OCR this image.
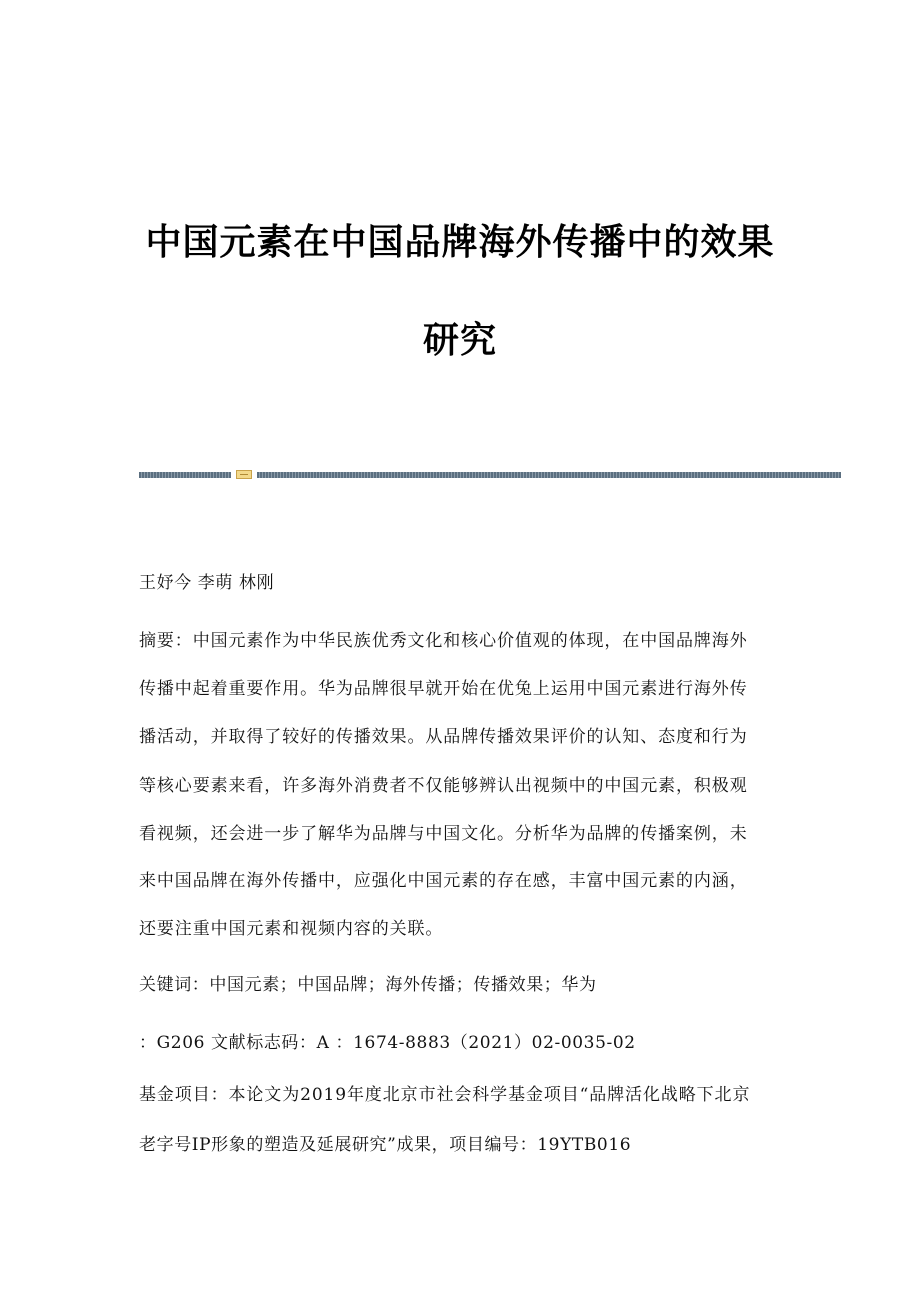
中国元素在中国品牌海外传播中的效果
研究
王妤今 李萌 林刚
摘要：中国元素作为中华民族优秀文化和核心价值观的体现，在中国品牌海外
传播中起着重要作用。华为品牌很早就开始在优兔上运用中国元素进行海外传
播活动，并取得了较好的传播效果。从品牌传播效果评价的认知、态度和行为
等核心要素来看，许多海外消费者不仅能够辨认出视频中的中国元素，积极观
看视频，还会进一步了解华为品牌与中国文化。分析华为品牌的传播案例，未
来中国品牌在海外传播中，应强化中国元素的存在感，丰富中国元素的内涵，
还要注重中国元素和视频内容的关联。
关键词：中国元素；中国品牌；海外传播；传播效果；华为
：G206 文献标志码：A ：1674-8883（2021）02-0035-02
基金项目：本论文为2019年度北京市社会科学基金项目“品牌活化战略下北京
老字号IP形象的塑造及延展研究”成果，项目编号：19YTB016
